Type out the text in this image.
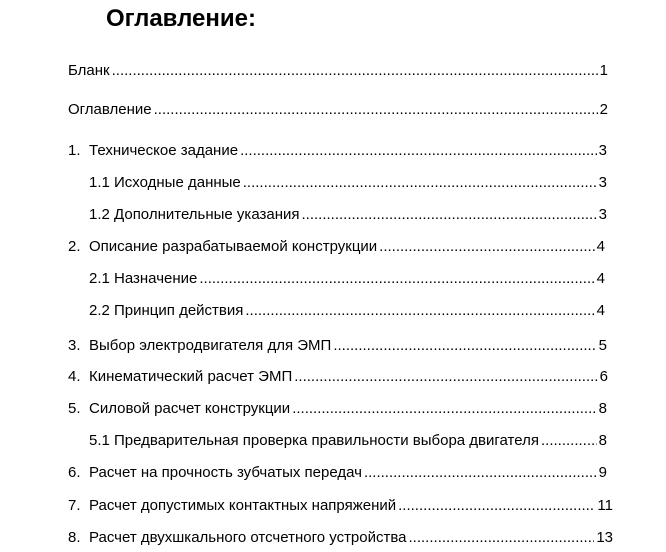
Оглавление:
Бланк .....	1
Оглавление .....	2
1. Техническое задание .....	3
1.1 Исходные данные .....	3
1.2 Дополнительные указания .....	3
2. Описание разрабатываемой конструкции .....	4
2.1 Назначение .....	4
2.2 Принцип действия .....	4
3. Выбор электродвигателя для ЭМП .....	5
4. Кинематический расчет ЭМП .....	6
5. Силовой расчет конструкции .....	8
5.1 Предварительная проверка правильности выбора двигателя .....	8
6. Расчет на прочность зубчатых передач .....	9
7. Расчет допустимых контактных напряжений .....	11
8. Расчет двухшкального отсчетного устройства .....	13
